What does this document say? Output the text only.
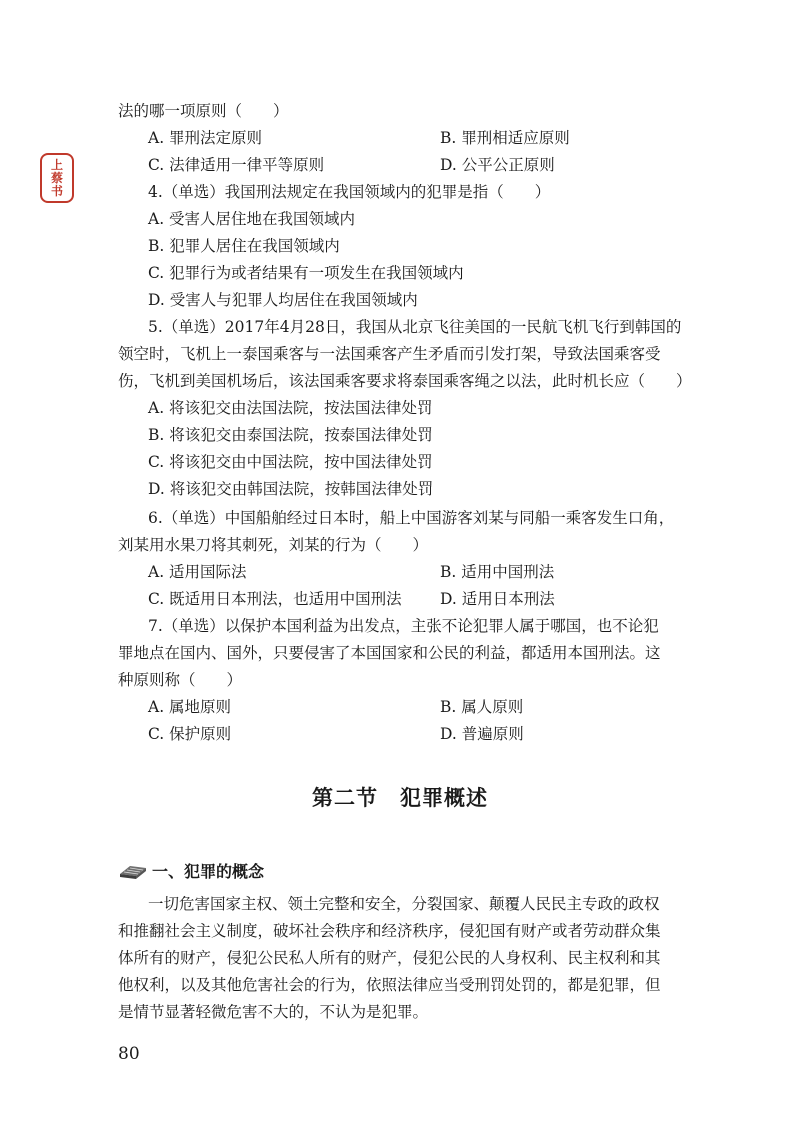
上
蔡
书
法的哪一项原则（　　）
A. 罪刑法定原则	B. 罪刑相适应原则
C. 法律适用一律平等原则	D. 公平公正原则
4.（单选）我国刑法规定在我国领域内的犯罪是指（　　）
A. 受害人居住地在我国领域内
B. 犯罪人居住在我国领域内
C. 犯罪行为或者结果有一项发生在我国领域内
D. 受害人与犯罪人均居住在我国领域内
5.（单选）2017年4月28日，我国从北京飞往美国的一民航飞机飞行到韩国的
领空时，飞机上一泰国乘客与一法国乘客产生矛盾而引发打架，导致法国乘客受
伤，飞机到美国机场后，该法国乘客要求将泰国乘客绳之以法，此时机长应（　　）
A. 将该犯交由法国法院，按法国法律处罚
B. 将该犯交由泰国法院，按泰国法律处罚
C. 将该犯交由中国法院，按中国法律处罚
D. 将该犯交由韩国法院，按韩国法律处罚
6.（单选）中国船舶经过日本时，船上中国游客刘某与同船一乘客发生口角，
刘某用水果刀将其刺死，刘某的行为（　　）
A. 适用国际法	B. 适用中国刑法
C. 既适用日本刑法，也适用中国刑法 D. 适用日本刑法
7.（单选）以保护本国利益为出发点，主张不论犯罪人属于哪国，也不论犯
罪地点在国内、国外，只要侵害了本国国家和公民的利益，都适用本国刑法。这
种原则称（　　）
A. 属地原则	B. 属人原则
C. 保护原则	D. 普遍原则
第二节　犯罪概述
一、犯罪的概念
一切危害国家主权、领土完整和安全，分裂国家、颠覆人民民主专政的政权
和推翻社会主义制度，破坏社会秩序和经济秩序，侵犯国有财产或者劳动群众集
体所有的财产，侵犯公民私人所有的财产，侵犯公民的人身权利、民主权利和其
他权利，以及其他危害社会的行为，依照法律应当受刑罚处罚的，都是犯罪，但
是情节显著轻微危害不大的，不认为是犯罪。
80
